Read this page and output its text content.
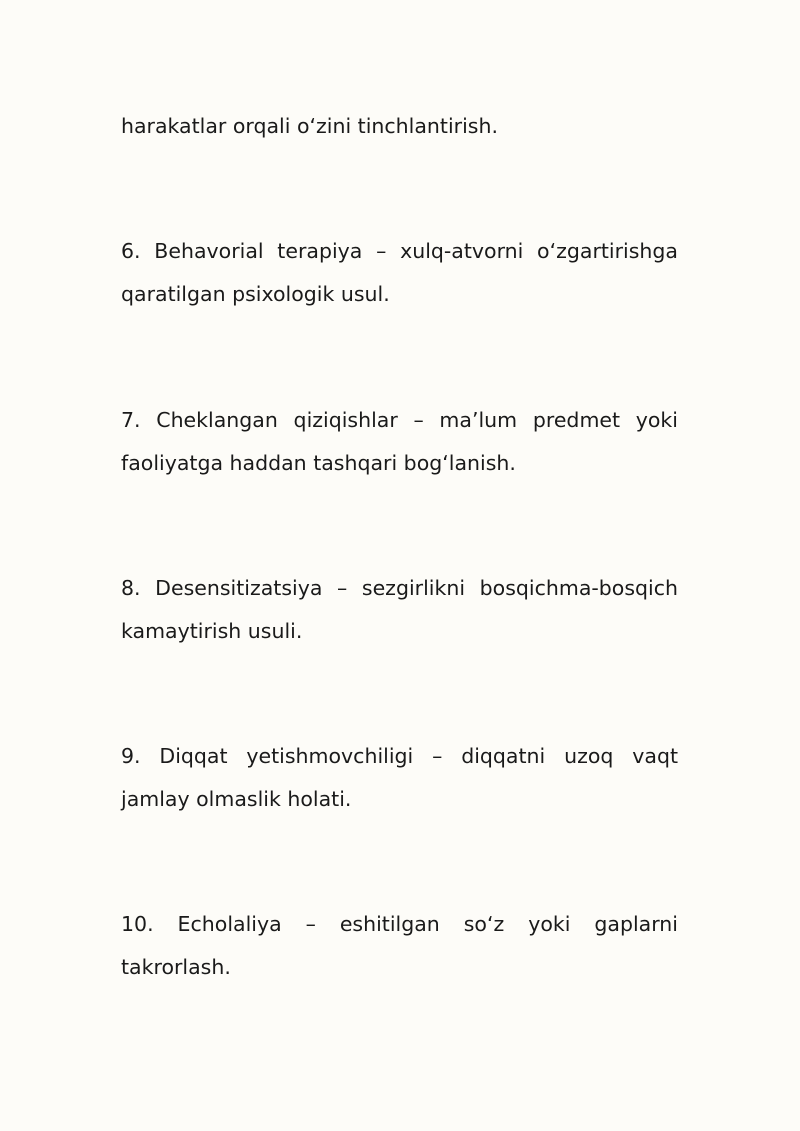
harakatlar orqali o‘zini tinchlantirish.

6. Behavorial terapiya – xulq-atvorni o‘zgartirishga qaratilgan psixologik usul.

7. Cheklangan qiziqishlar – ma’lum predmet yoki faoliyatga haddan tashqari bog‘lanish.

8. Desensitizatsiya – sezgirlikni bosqichma-bosqich kamaytirish usuli.

9. Diqqat yetishmovchiligi – diqqatni uzoq vaqt jamlay olmaslik holati.

10. Echolaliya – eshitilgan so‘z yoki gaplarni takrorlash.
